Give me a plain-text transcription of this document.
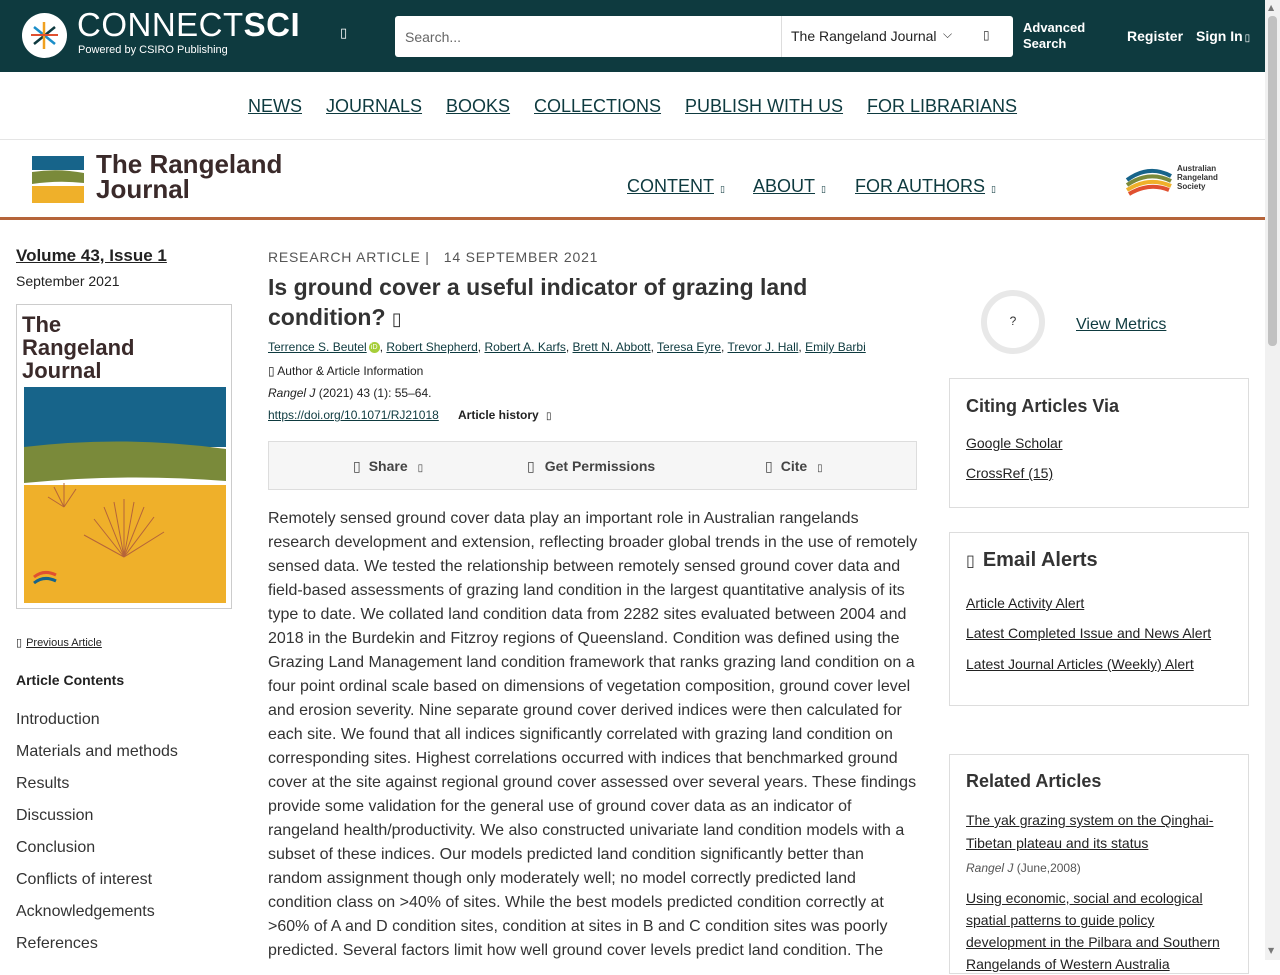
CONNECTSCI
Powered by CSIRO Publishing
▯
Search...	The Rangeland Journal ⌵	▯	Advanced Search	Register Sign In ▯
NEWS JOURNALS BOOKS COLLECTIONS PUBLISH WITH US FOR LIBRARIANS
The Rangeland
Journal	CONTENT ▯ ABOUT ▯ FOR AUTHORS ▯
Australian
Rangeland
Society
Volume 43, Issue 1
September 2021
The
Rangeland
Journal
▯ Previous Article
Article Contents
Introduction
Materials and methods
Results
Discussion
Conclusion
Conflicts of interest
Acknowledgements
References
RESEARCH ARTICLE |   14 SEPTEMBER 2021
Is ground cover a useful indicator of grazing land condition? ▯
Terrence S. Beutel iD , Robert Shepherd, Robert A. Karfs, Brett N. Abbott, Teresa Eyre, Trevor J. Hall, Emily Barbi
▯ Author & Article Information
Rangel J (2021) 43 (1): 55–64.
https://doi.org/10.1071/RJ21018 Article history ▯
▯ Share ▯	▯ Get Permissions	▯ Cite ▯
Remotely sensed ground cover data play an important role in Australian rangelands research development and extension, reflecting broader global trends in the use of remotely sensed data. We tested the relationship between remotely sensed ground cover data and field-based assessments of grazing land condition in the largest quantitative analysis of its type to date. We collated land condition data from 2282 sites evaluated between 2004 and 2018 in the Burdekin and Fitzroy regions of Queensland. Condition was defined using the Grazing Land Management land condition framework that ranks grazing land condition on a four point ordinal scale based on dimensions of vegetation composition, ground cover level and erosion severity. Nine separate ground cover derived indices were then calculated for each site. We found that all indices significantly correlated with grazing land condition on corresponding sites. Highest correlations occurred with indices that benchmarked ground cover at the site against regional ground cover assessed over several years. These findings provide some validation for the general use of ground cover data as an indicator of rangeland health/productivity. We also constructed univariate land condition models with a subset of these indices. Our models predicted land condition significantly better than random assignment though only moderately well; no model correctly predicted land condition class on >40% of sites. While the best models predicted condition correctly at >60% of A and D condition sites, condition at sites in B and C condition sites was poorly predicted. Several factors limit how well ground cover levels predict land condition. The
?	View Metrics
Citing Articles Via
Google Scholar
CrossRef (15)
▯ Email Alerts
Article Activity Alert
Latest Completed Issue and News Alert
Latest Journal Articles (Weekly) Alert
Related Articles
The yak grazing system on the Qinghai-Tibetan plateau and its status
Rangel J (June,2008)
Using economic, social and ecological spatial patterns to guide policy development in the Pilbara and Southern Rangelands of Western Australia
▲
▼
